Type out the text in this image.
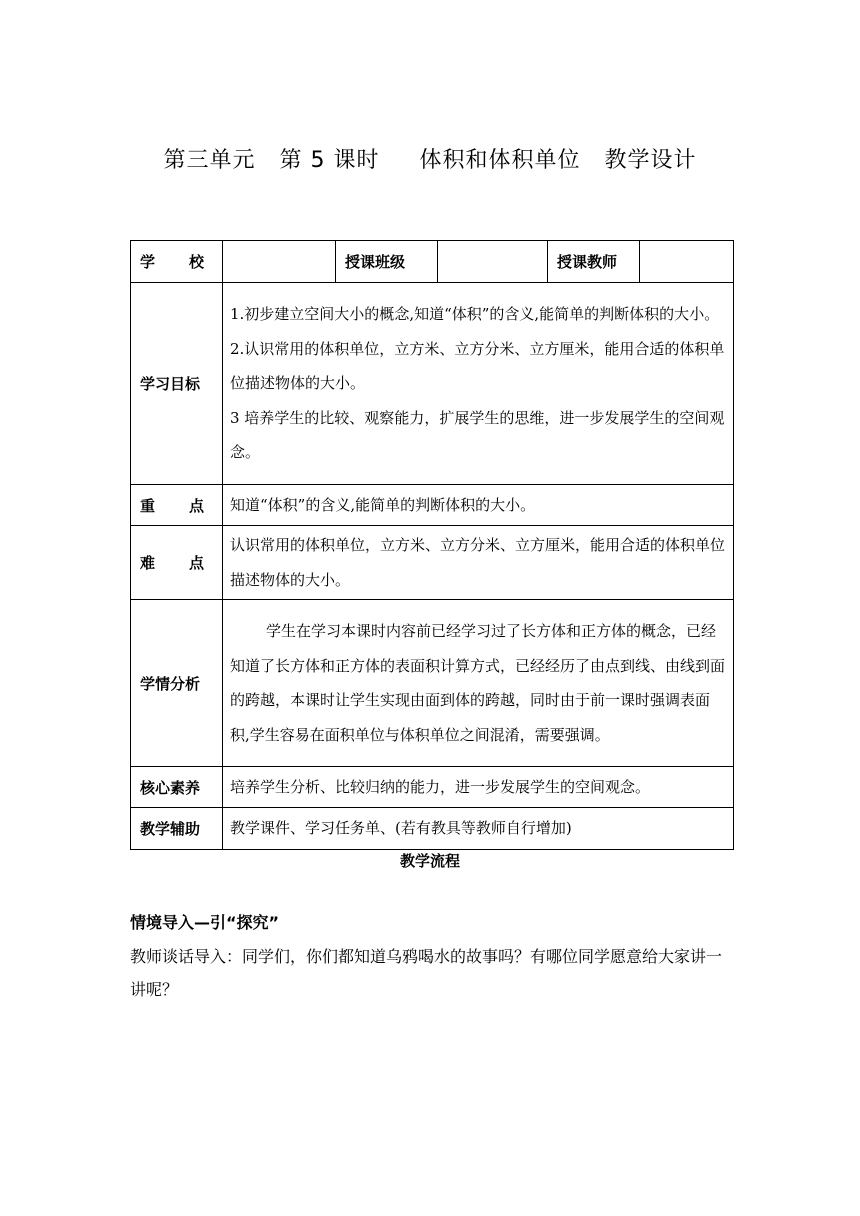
第三单元   第 5 课时     体积和体积单位   教学设计
学 校		授课班级		授课教师	
学习目标	1.初步建立空间大小的概念,知道“体积”的含义,能简单的判断体积的大小。

2.认识常用的体积单位，立方米、立方分米、立方厘米，能用合适的体积单位描述物体的大小。

3 培养学生的比较、观察能力，扩展学生的思维，进一步发展学生的空间观念。				

重 点	知道“体积”的含义,能简单的判断体积的大小。				

难 点	认识常用的体积单位，立方米、立方分米、立方厘米，能用合适的体积单位描述物体的大小。				
学情分析	学生在学习本课时内容前已经学习过了长方体和正方体的概念，已经知道了长方体和正方体的表面积计算方式，已经经历了由点到线、由线到面的跨越，本课时让学生实现由面到体的跨越，同时由于前一课时强调表面积,学生容易在面积单位与体积单位之间混淆，需要强调。				

核心素养	培养学生分析、比较归纳的能力，进一步发展学生的空间观念。				
教学辅助	教学课件、学习任务单、(若有教具等教师自行增加)				
教学流程
情境导入—引“探究”

教师谈话导入：同学们，你们都知道乌鸦喝水的故事吗？有哪位同学愿意给大家讲一讲呢？
